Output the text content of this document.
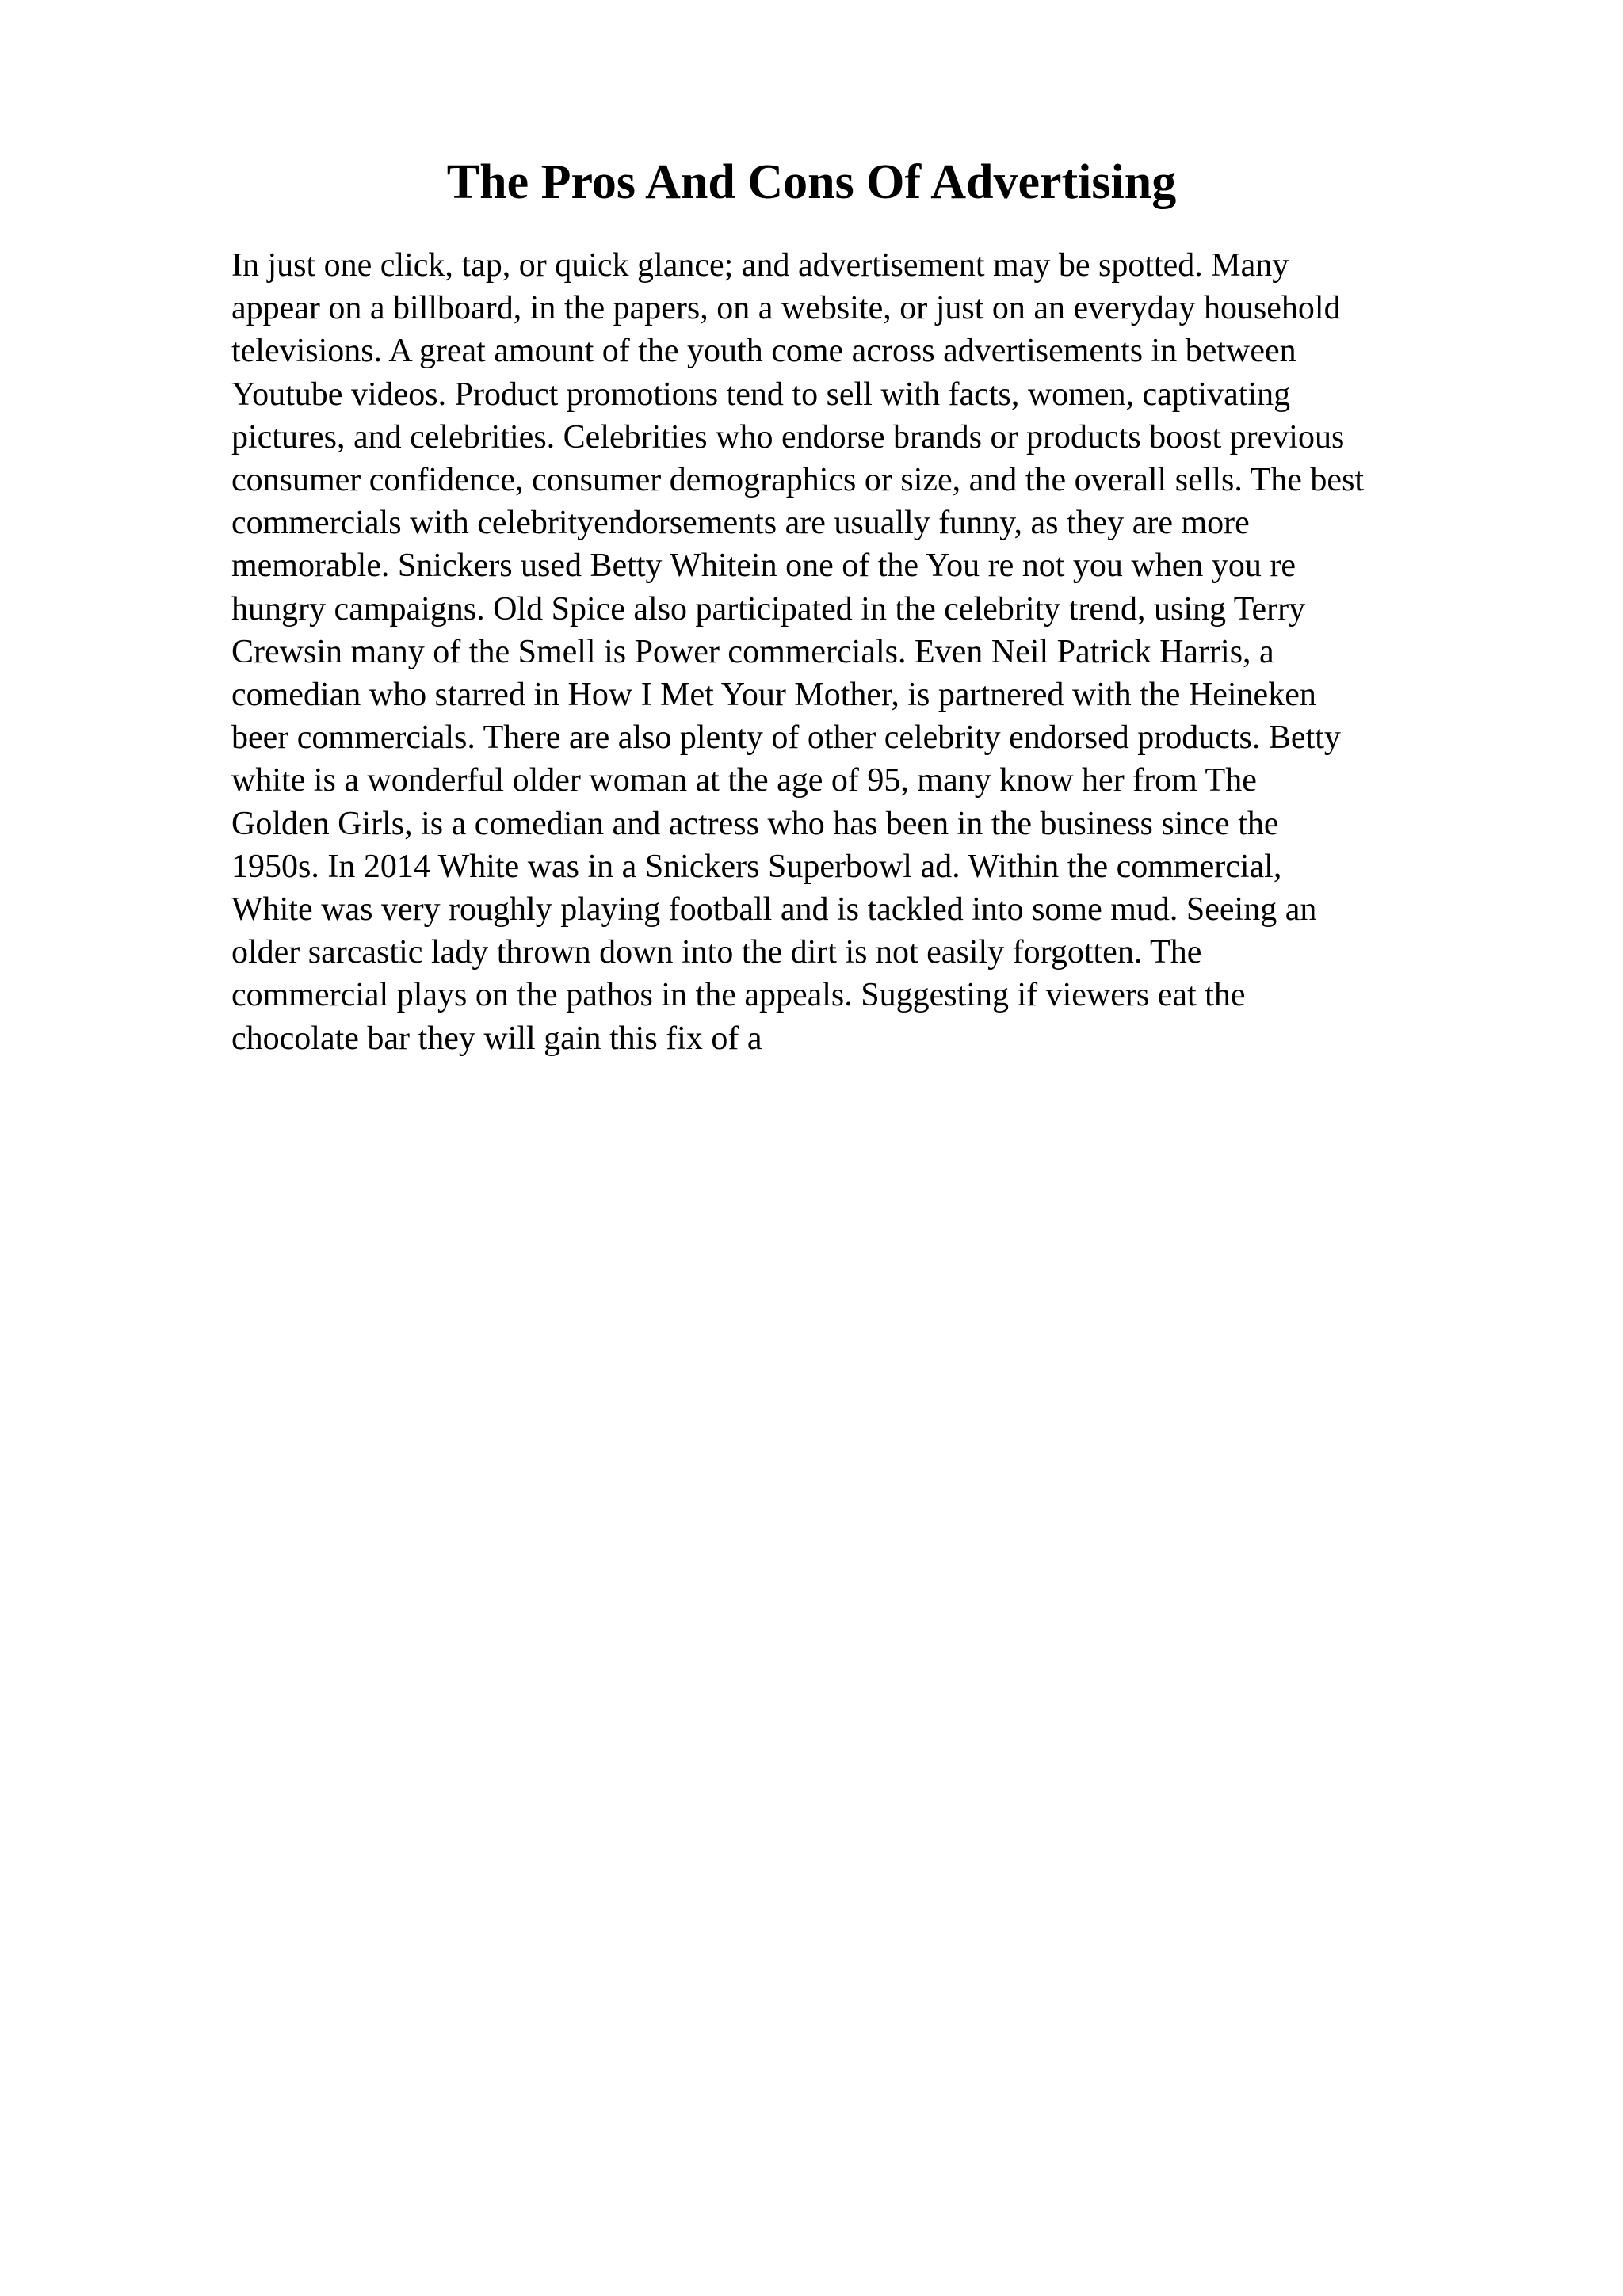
The Pros And Cons Of Advertising
In just one click, tap, or quick glance; and advertisement may be spotted. Many
appear on a billboard, in the papers, on a website, or just on an everyday household
televisions. A great amount of the youth come across advertisements in between
Youtube videos. Product promotions tend to sell with facts, women, captivating
pictures, and celebrities. Celebrities who endorse brands or products boost previous
consumer confidence, consumer demographics or size, and the overall sells. The best
commercials with celebrityendorsements are usually funny, as they are more
memorable. Snickers used Betty Whitein one of the You re not you when you re
hungry campaigns. Old Spice also participated in the celebrity trend, using Terry
Crewsin many of the Smell is Power commercials. Even Neil Patrick Harris, a
comedian who starred in How I Met Your Mother, is partnered with the Heineken
beer commercials. There are also plenty of other celebrity endorsed products. Betty
white is a wonderful older woman at the age of 95, many know her from The
Golden Girls, is a comedian and actress who has been in the business since the
1950s. In 2014 White was in a Snickers Superbowl ad. Within the commercial,
White was very roughly playing football and is tackled into some mud. Seeing an
older sarcastic lady thrown down into the dirt is not easily forgotten. The
commercial plays on the pathos in the appeals. Suggesting if viewers eat the
chocolate bar they will gain this fix of a
